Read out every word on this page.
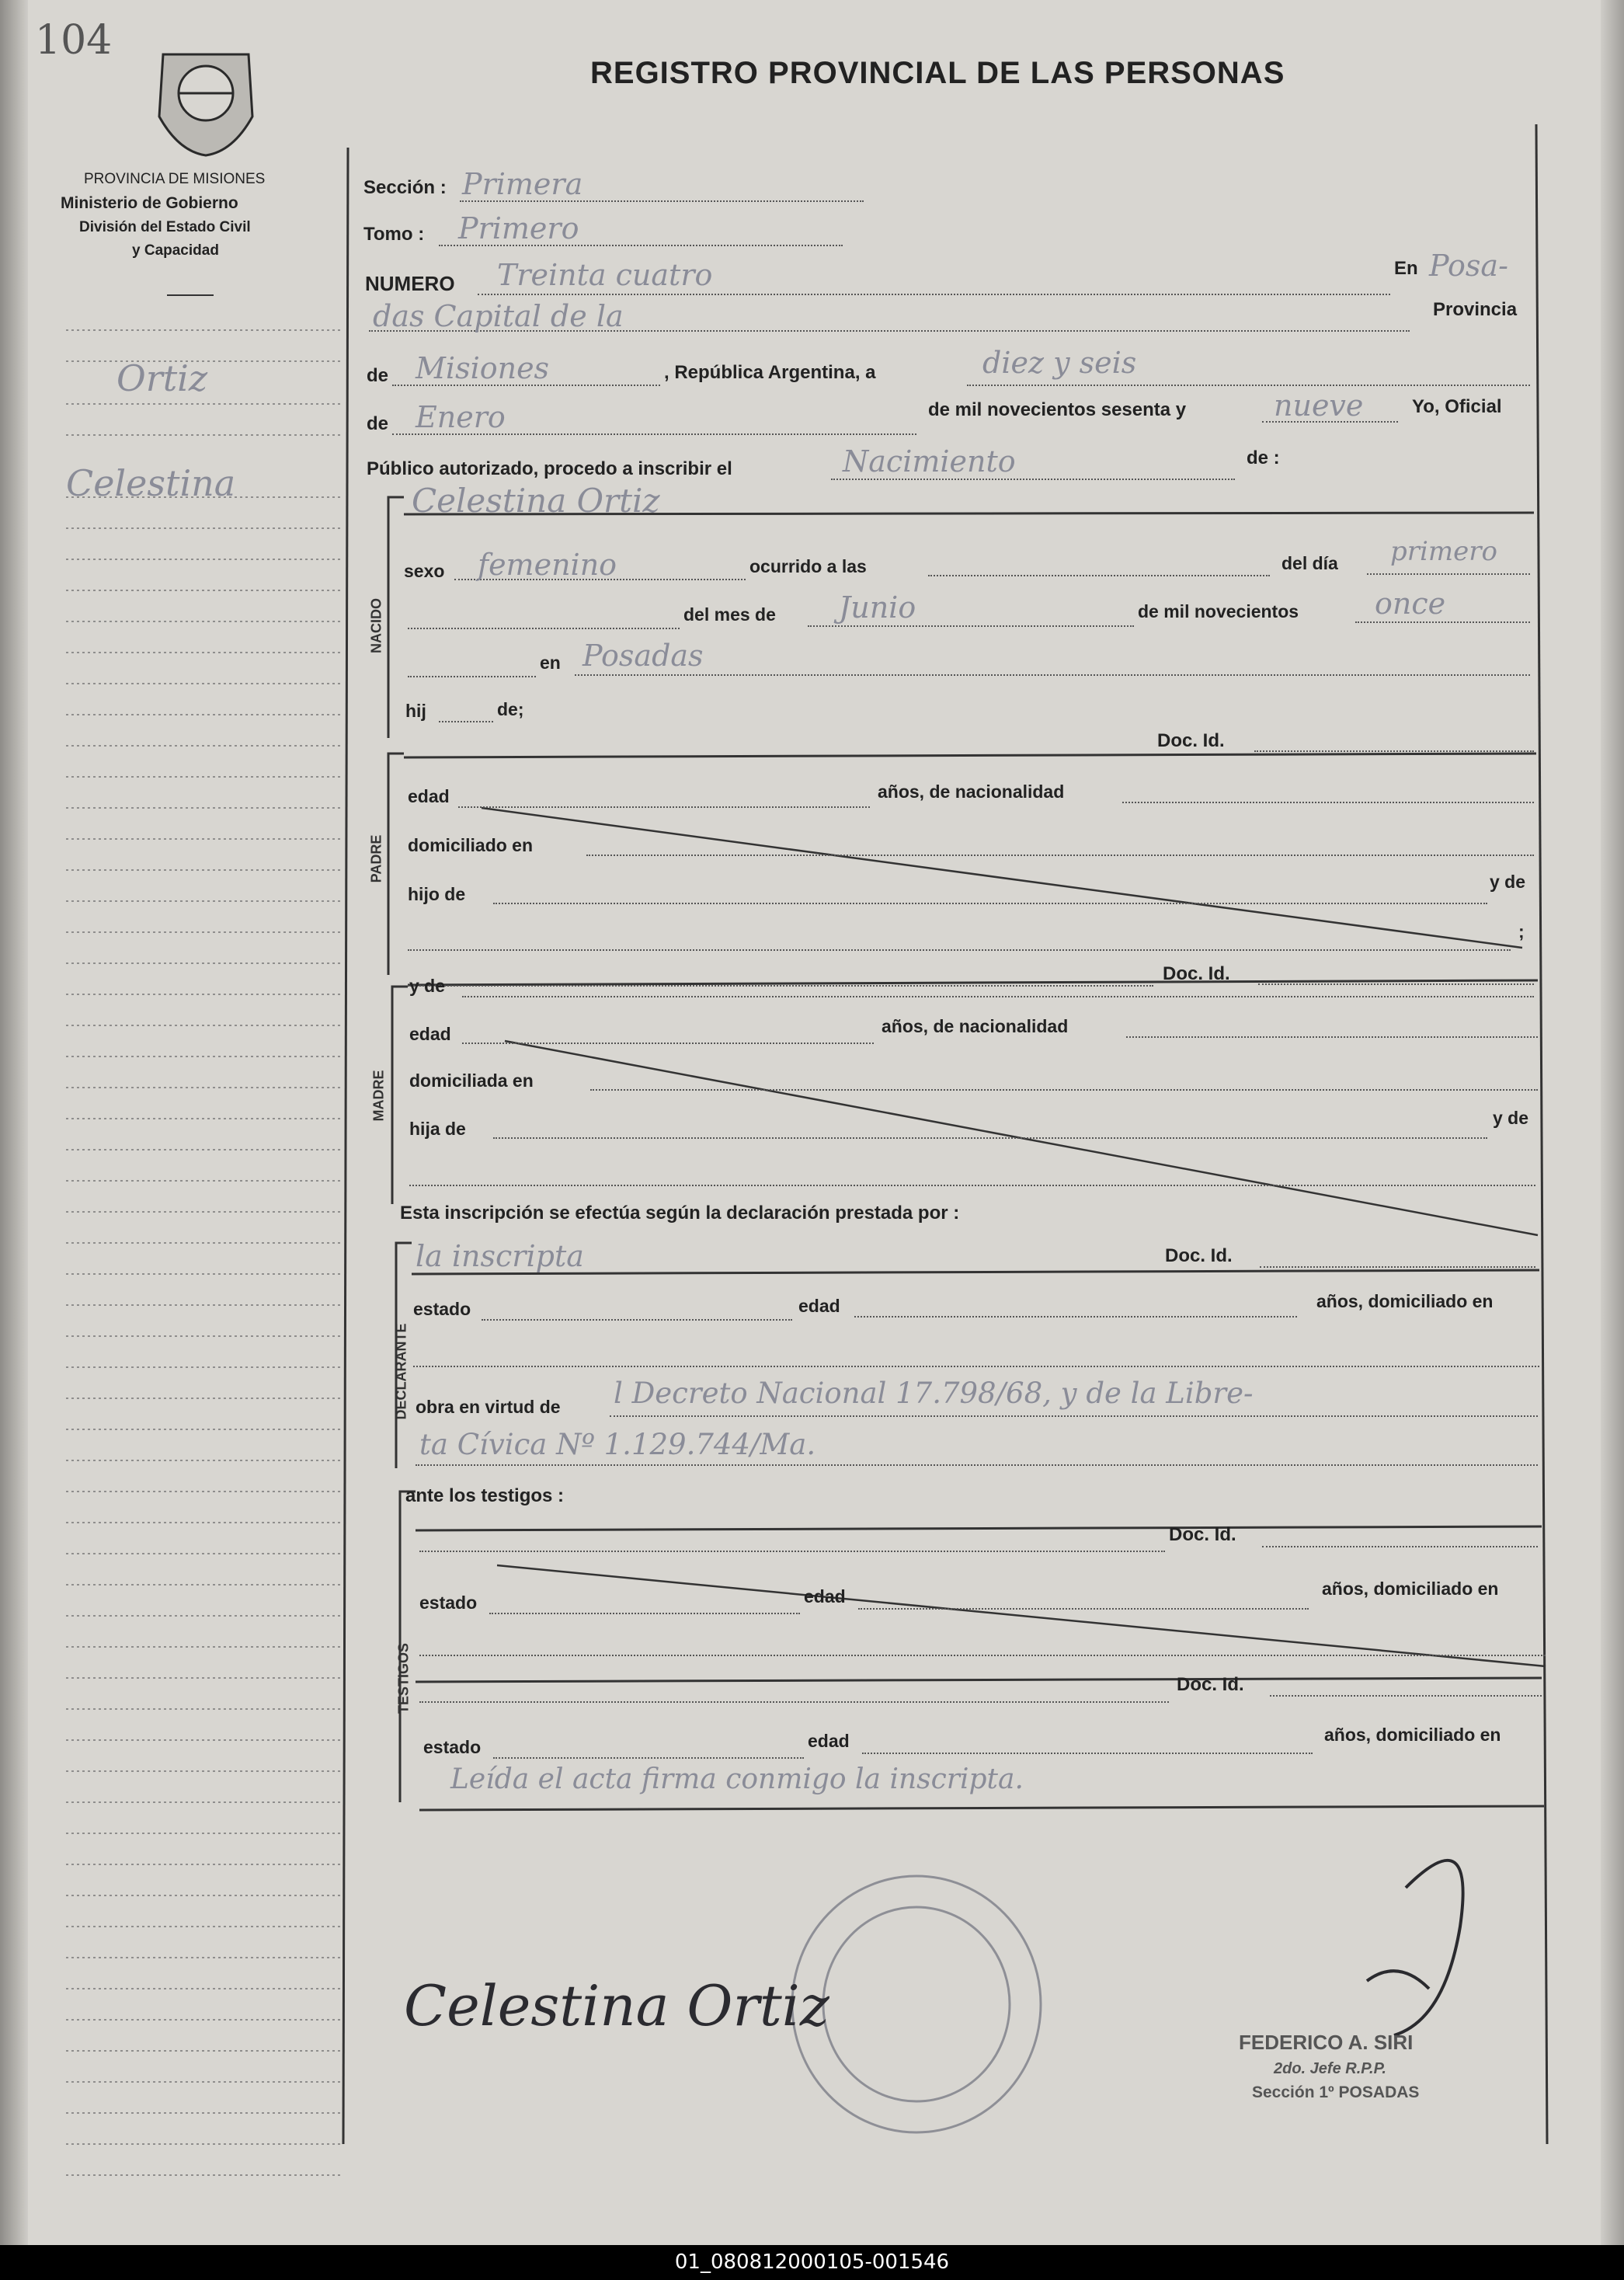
104
REGISTRO PROVINCIAL DE LAS PERSONAS
PROVINCIA DE MISIONES
Ministerio de Gobierno
División del Estado Civil
y Capacidad
Ortiz
Celestina
Sección : Primera
Tomo : Primero
NUMERO Treinta cuatro	En Posa-
das Capital de la	Provincia
de Misiones	, República Argentina, a	diez y seis
de Enero	de mil novecientos sesenta y	nueve	Yo, Oficial
Público autorizado, procedo a inscribir el	Nacimiento	de :
NACIDO
Celestina Ortiz
sexo femenino	ocurrido a las	del día primero
del mes de Junio	de mil novecientos	once
en Posadas
hij	de;
Doc. Id.
PADRE
edad	años, de nacionalidad
domiciliado en
hijo de
y de
;
Doc. Id.
MADRE
y de
edad	años, de nacionalidad
domiciliada en
hija de
y de
Esta inscripción se efectúa según la declaración prestada por :
DECLARANTE
la inscripta	Doc. Id.
estado	edad	años, domiciliado en
obra en virtud de l Decreto Nacional 17.798/68, y de la Libre-
ta Cívica Nº 1.129.744/Ma.
ante los testigos :
TESTIGOS
Doc. Id.
estado	edad	años, domiciliado en
Doc. Id.
estado	edad	años, domiciliado en
Leída el acta firma conmigo la inscripta.
Celestina Ortiz
FEDERICO A. SIRI
2do. Jefe R.P.P.
Sección 1º POSADAS
01_080812000105-001546
